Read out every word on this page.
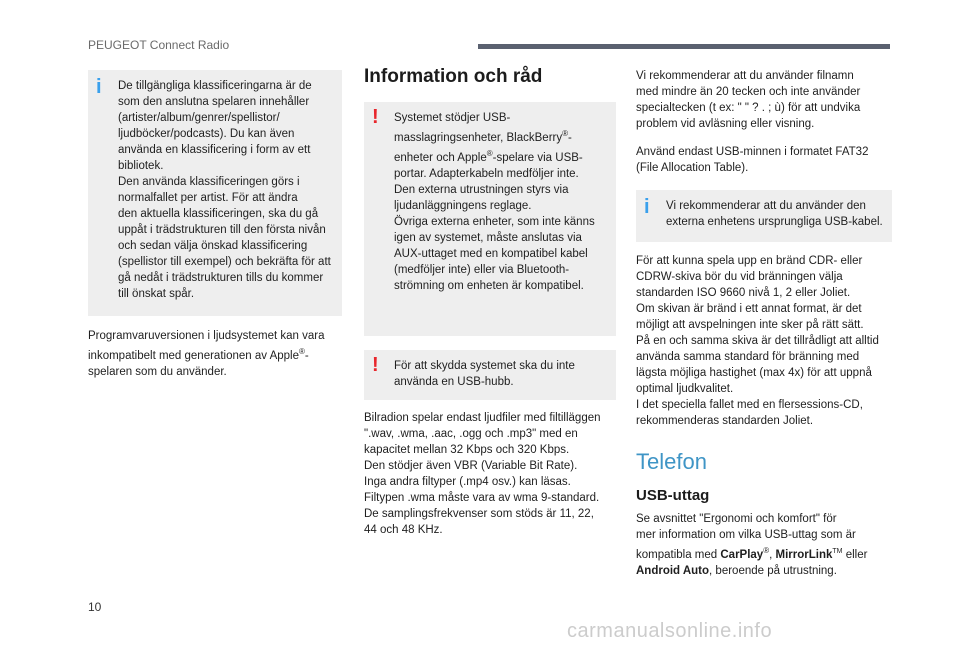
PEUGEOT Connect Radio
i De tillgängliga klassificeringarna är de
som den anslutna spelaren innehåller
(artister/album/genrer/spellistor/
ljudböcker/podcasts). Du kan även
använda en klassificering i form av ett
bibliotek.
Den använda klassificeringen görs i
normalfallet per artist. För att ändra
den aktuella klassificeringen, ska du gå
uppåt i trädstrukturen till den första nivån
och sedan välja önskad klassificering
(spellistor till exempel) och bekräfta för att
gå nedåt i trädstrukturen tills du kommer
till önskat spår.
Programvaruversionen i ljudsystemet kan vara
inkompatibelt med generationen av Apple®-
spelaren som du använder.
Information och råd
! Systemet stödjer USB-
masslagringsenheter, BlackBerry®-
enheter och Apple®-spelare via USB-
portar. Adapterkabeln medföljer inte.
Den externa utrustningen styrs via
ljudanläggningens reglage.
Övriga externa enheter, som inte känns
igen av systemet, måste anslutas via
AUX-uttaget med en kompatibel kabel
(medföljer inte) eller via Bluetooth-
strömning om enheten är kompatibel.
! För att skydda systemet ska du inte
använda en USB-hubb.
Bilradion spelar endast ljudfiler med filtilläggen
".wav, .wma, .aac, .ogg och .mp3" med en
kapacitet mellan 32 Kbps och 320 Kbps.
Den stödjer även VBR (Variable Bit Rate).
Inga andra filtyper (.mp4 osv.) kan läsas.
Filtypen .wma måste vara av wma 9-standard.
De samplingsfrekvenser som stöds är 11, 22,
44 och 48 KHz.
Vi rekommenderar att du använder filnamn
med mindre än 20 tecken och inte använder
specialtecken (t ex: " " ? . ; ù) för att undvika
problem vid avläsning eller visning.
Använd endast USB-minnen i formatet FAT32
(File Allocation Table).
i Vi rekommenderar att du använder den
externa enhetens ursprungliga USB-kabel.
För att kunna spela upp en bränd CDR- eller
CDRW-skiva bör du vid bränningen välja
standarden ISO 9660 nivå 1, 2 eller Joliet.
Om skivan är bränd i ett annat format, är det
möjligt att avspelningen inte sker på rätt sätt.
På en och samma skiva är det tillrådligt att alltid
använda samma standard för bränning med
lägsta möjliga hastighet (max 4x) för att uppnå
optimal ljudkvalitet.
I det speciella fallet med en flersessions-CD,
rekommenderas standarden Joliet.
Telefon
USB-uttag
Se avsnittet "Ergonomi och komfort" för
mer information om vilka USB-uttag som är
kompatibla med CarPlay®, MirrorLink™ eller
Android Auto, beroende på utrustning.
10
carmanualsonline.info
